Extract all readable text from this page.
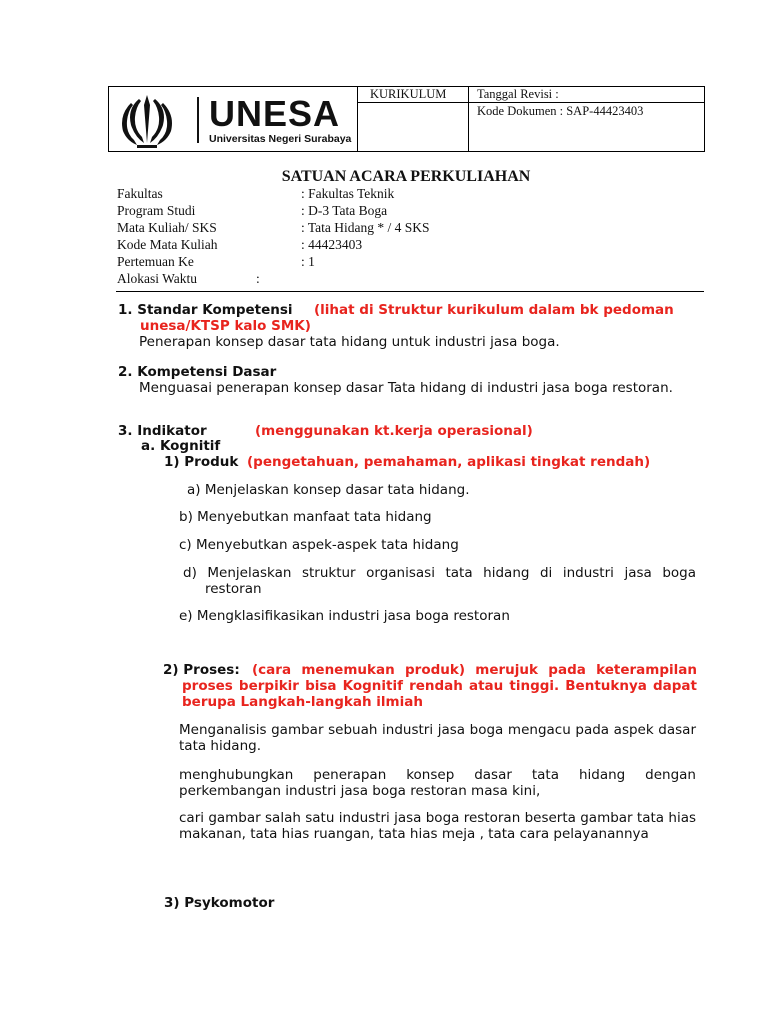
UNESA
Universitas Negeri Surabaya
KURIKULUM Tanggal Revisi :
Kode Dokumen : SAP-44423403
SATUAN ACARA PERKULIAHAN
Fakultas	: Fakultas Teknik
Program Studi	: D-3 Tata Boga
Mata Kuliah/ SKS	: Tata Hidang * / 4 SKS
Kode Mata Kuliah	: 44423403
Pertemuan Ke	: 1
Alokasi Waktu	:
1. Standar Kompetensi (lihat di Struktur kurikulum dalam bk pedoman
unesa/KTSP kalo SMK)
Penerapan konsep dasar tata hidang untuk industri jasa boga.
2. Kompetensi Dasar
Menguasai penerapan konsep dasar Tata hidang di industri jasa boga restoran.
3. Indikator	(menggunakan kt.kerja operasional)
a. Kognitif
1) Produk (pengetahuan, pemahaman, aplikasi tingkat rendah)
a) Menjelaskan konsep dasar tata hidang.
b) Menyebutkan manfaat tata hidang
c) Menyebutkan aspek-aspek tata hidang
d) Menjelaskan struktur organisasi tata hidang di industri jasa boga restoran
e) Mengklasifikasikan industri jasa boga restoran
2) Proses: (cara menemukan produk) merujuk pada keterampilan proses berpikir bisa Kognitif rendah atau tinggi. Bentuknya dapat berupa Langkah-langkah ilmiah
Menganalisis gambar sebuah industri jasa boga mengacu pada aspek dasar tata hidang.
menghubungkan penerapan konsep dasar tata hidang dengan perkembangan industri jasa boga restoran masa kini,
cari gambar salah satu industri jasa boga restoran beserta gambar tata hias makanan, tata hias ruangan, tata hias meja , tata cara pelayanannya
3) Psykomotor
